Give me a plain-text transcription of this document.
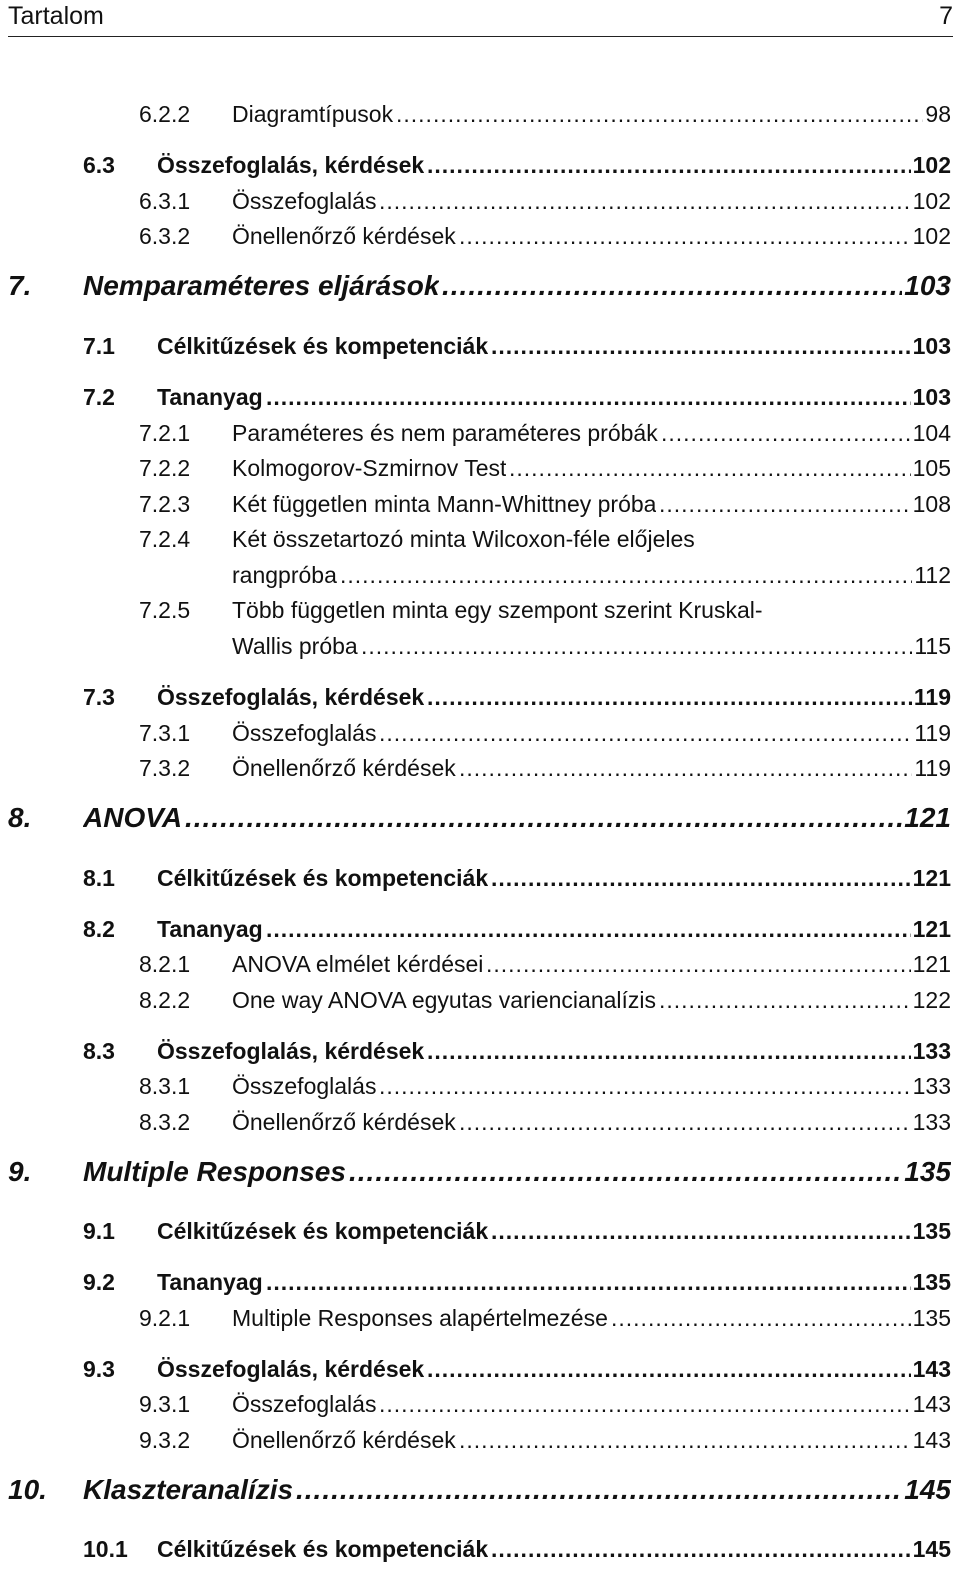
Tartalom	7
6.2.2 Diagramtípusok .....	98
6.3 Összefoglalás, kérdések .....	102
6.3.1 Összefoglalás .....	102
6.3.2 Önellenőrző kérdések .....	102
7. Nemparaméteres eljárások .....	103
7.1 Célkitűzések és kompetenciák .....	103
7.2 Tananyag .....	103
7.2.1 Paraméteres és nem paraméteres próbák .....	104
7.2.2 Kolmogorov-Szmirnov Test .....	105
7.2.3 Két független minta Mann-Whittney próba .....	108
7.2.4 Két összetartozó minta Wilcoxon-féle előjeles
rangpróba .....	112
7.2.5 Több független minta egy szempont szerint Kruskal-
Wallis próba .....	115
7.3 Összefoglalás, kérdések .....	119
7.3.1 Összefoglalás .....	119
7.3.2 Önellenőrző kérdések .....	119
8. ANOVA .....	121
8.1 Célkitűzések és kompetenciák .....	121
8.2 Tananyag .....	121
8.2.1 ANOVA elmélet kérdései .....	121
8.2.2 One way ANOVA egyutas variencianalízis .....	122
8.3 Összefoglalás, kérdések .....	133
8.3.1 Összefoglalás .....	133
8.3.2 Önellenőrző kérdések .....	133
9. Multiple Responses .....	135
9.1 Célkitűzések és kompetenciák .....	135
9.2 Tananyag .....	135
9.2.1 Multiple Responses alapértelmezése .....	135
9.3 Összefoglalás, kérdések .....	143
9.3.1 Összefoglalás .....	143
9.3.2 Önellenőrző kérdések .....	143
10. Klaszteranalízis .....	145
10.1 Célkitűzések és kompetenciák .....	145
